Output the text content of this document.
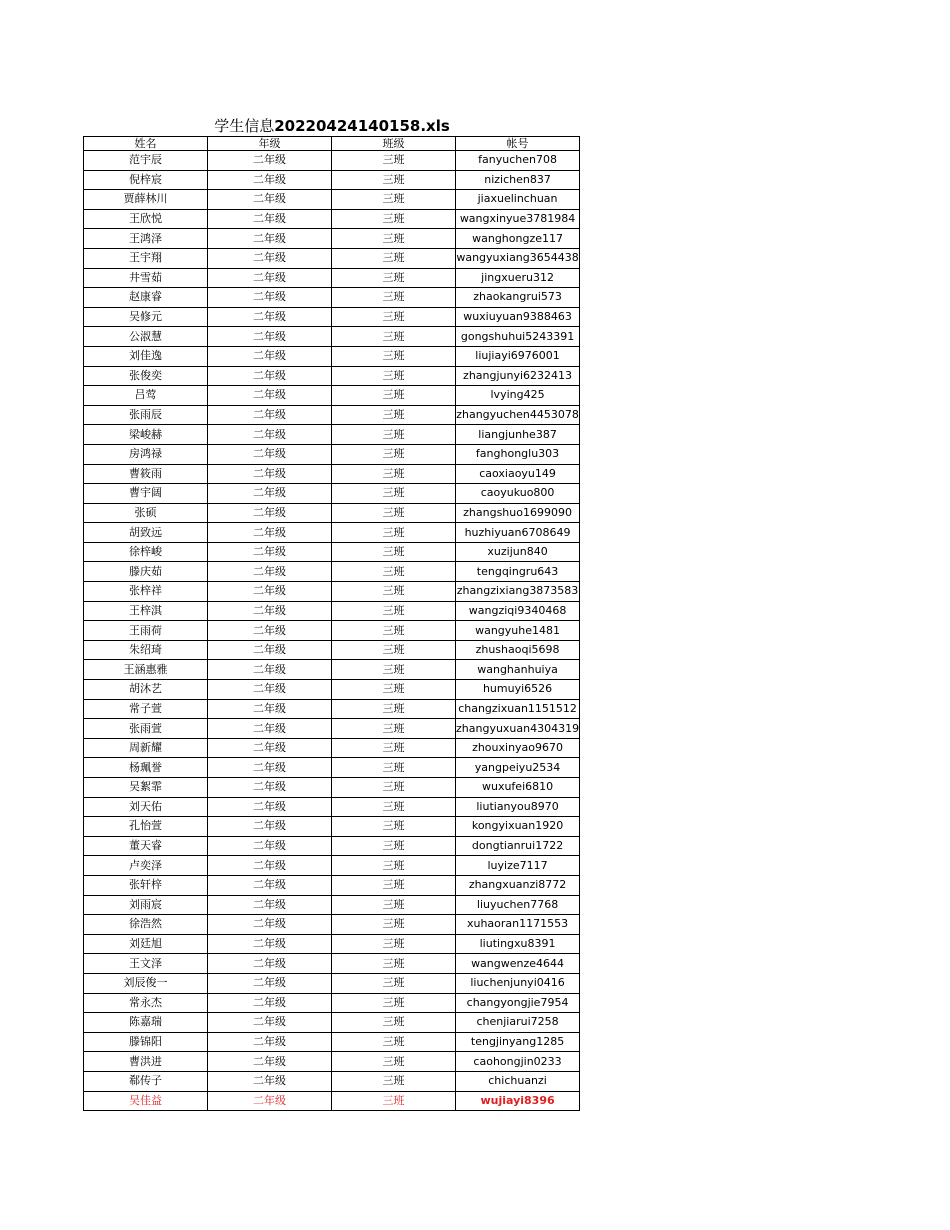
学生信息20220424140158.xls
姓名	年级	班级	帐号
范宇辰	二年级	三班	fanyuchen708
倪梓宸	二年级	三班	nizichen837
贾薛林川	二年级	三班	jiaxuelinchuan
王欣悦	二年级	三班	wangxinyue3781984
王鸿泽	二年级	三班	wanghongze117
王宇翔	二年级	三班	wangyuxiang3654438
井雪茹	二年级	三班	jingxueru312
赵康睿	二年级	三班	zhaokangrui573
吴修元	二年级	三班	wuxiuyuan9388463
公淑慧	二年级	三班	gongshuhui5243391
刘佳逸	二年级	三班	liujiayi6976001
张俊奕	二年级	三班	zhangjunyi6232413
吕莺	二年级	三班	lvying425
张雨辰	二年级	三班	zhangyuchen4453078
梁峻赫	二年级	三班	liangjunhe387
房鸿禄	二年级	三班	fanghonglu303
曹筱雨	二年级	三班	caoxiaoyu149
曹宇阔	二年级	三班	caoyukuo800
张硕	二年级	三班	zhangshuo1699090
胡致远	二年级	三班	huzhiyuan6708649
徐梓峻	二年级	三班	xuzijun840
滕庆茹	二年级	三班	tengqingru643
张梓祥	二年级	三班	zhangzixiang3873583
王梓淇	二年级	三班	wangziqi9340468
王雨荷	二年级	三班	wangyuhe1481
朱绍琦	二年级	三班	zhushaoqi5698
王涵惠雅	二年级	三班	wanghanhuiya
胡沐艺	二年级	三班	humuyi6526
常子萱	二年级	三班	changzixuan1151512
张雨萱	二年级	三班	zhangyuxuan4304319
周新耀	二年级	三班	zhouxinyao9670
杨珮誉	二年级	三班	yangpeiyu2534
吴絮霏	二年级	三班	wuxufei6810
刘天佑	二年级	三班	liutianyou8970
孔怡萱	二年级	三班	kongyixuan1920
董天睿	二年级	三班	dongtianrui1722
卢奕泽	二年级	三班	luyize7117
张轩梓	二年级	三班	zhangxuanzi8772
刘雨宸	二年级	三班	liuyuchen7768
徐浩然	二年级	三班	xuhaoran1171553
刘廷旭	二年级	三班	liutingxu8391
王文泽	二年级	三班	wangwenze4644
刘辰俊一	二年级	三班	liuchenjunyi0416
常永杰	二年级	三班	changyongjie7954
陈嘉瑞	二年级	三班	chenjiarui7258
滕锦阳	二年级	三班	tengjinyang1285
曹洪进	二年级	三班	caohongjin0233
郗传子	二年级	三班	chichuanzi
吴佳益	二年级	三班	wujiayi8396
